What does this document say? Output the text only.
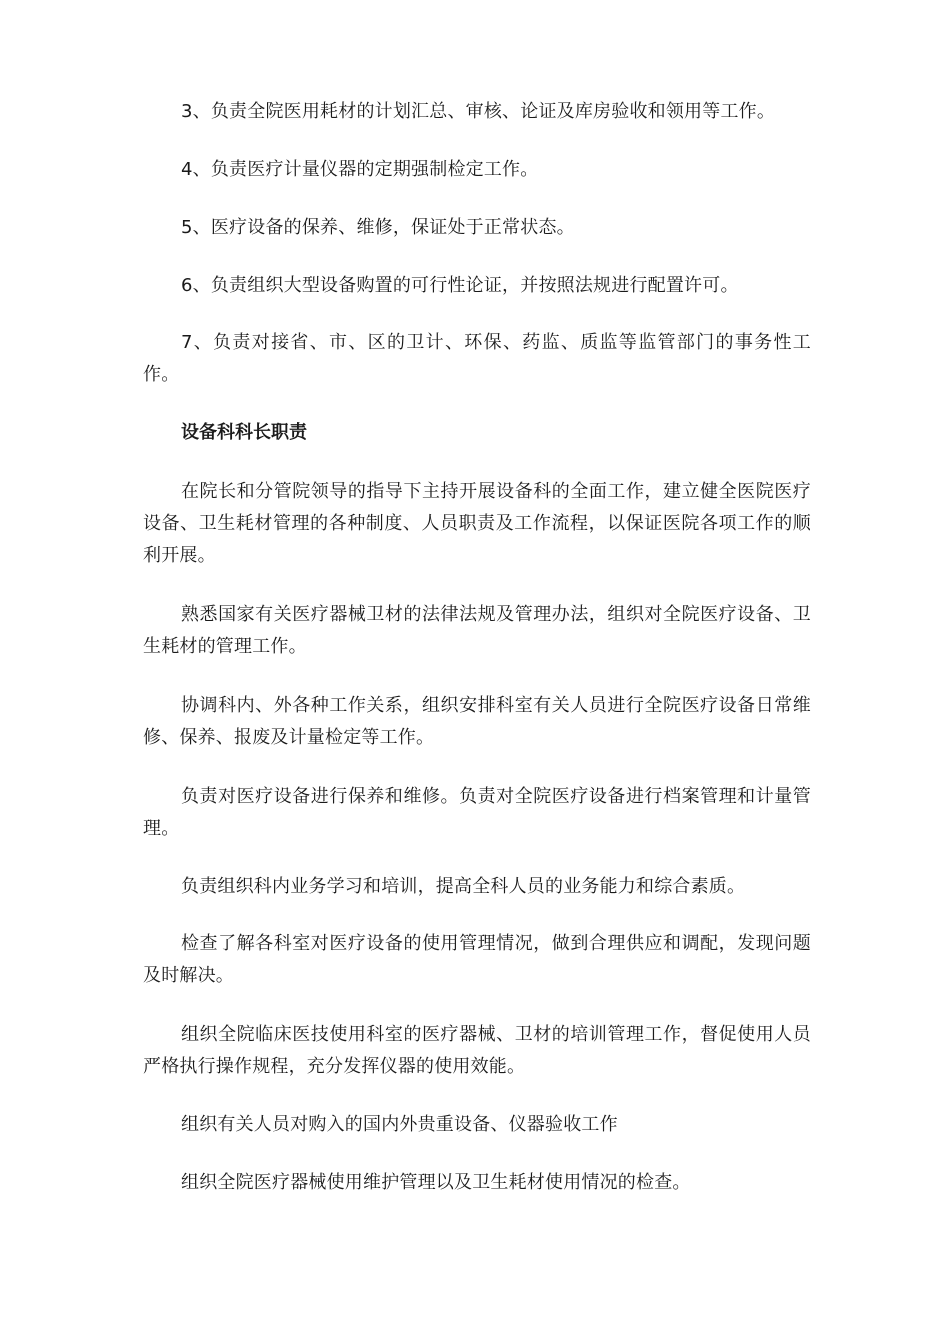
3、负责全院医用耗材的计划汇总、审核、论证及库房验收和领用等工作。

4、负责医疗计量仪器的定期强制检定工作。

5、医疗设备的保养、维修，保证处于正常状态。

6、负责组织大型设备购置的可行性论证，并按照法规进行配置许可。

7、负责对接省、市、区的卫计、环保、药监、质监等监管部门的事务性工作。

设备科科长职责

在院长和分管院领导的指导下主持开展设备科的全面工作，建立健全医院医疗设备、卫生耗材管理的各种制度、人员职责及工作流程，以保证医院各项工作的顺利开展。

熟悉国家有关医疗器械卫材的法律法规及管理办法，组织对全院医疗设备、卫生耗材的管理工作。

协调科内、外各种工作关系，组织安排科室有关人员进行全院医疗设备日常维修、保养、报废及计量检定等工作。

负责对医疗设备进行保养和维修。负责对全院医疗设备进行档案管理和计量管理。

负责组织科内业务学习和培训，提高全科人员的业务能力和综合素质。

检查了解各科室对医疗设备的使用管理情况，做到合理供应和调配，发现问题及时解决。

组织全院临床医技使用科室的医疗器械、卫材的培训管理工作，督促使用人员严格执行操作规程，充分发挥仪器的使用效能。

组织有关人员对购入的国内外贵重设备、仪器验收工作

组织全院医疗器械使用维护管理以及卫生耗材使用情况的检查。
